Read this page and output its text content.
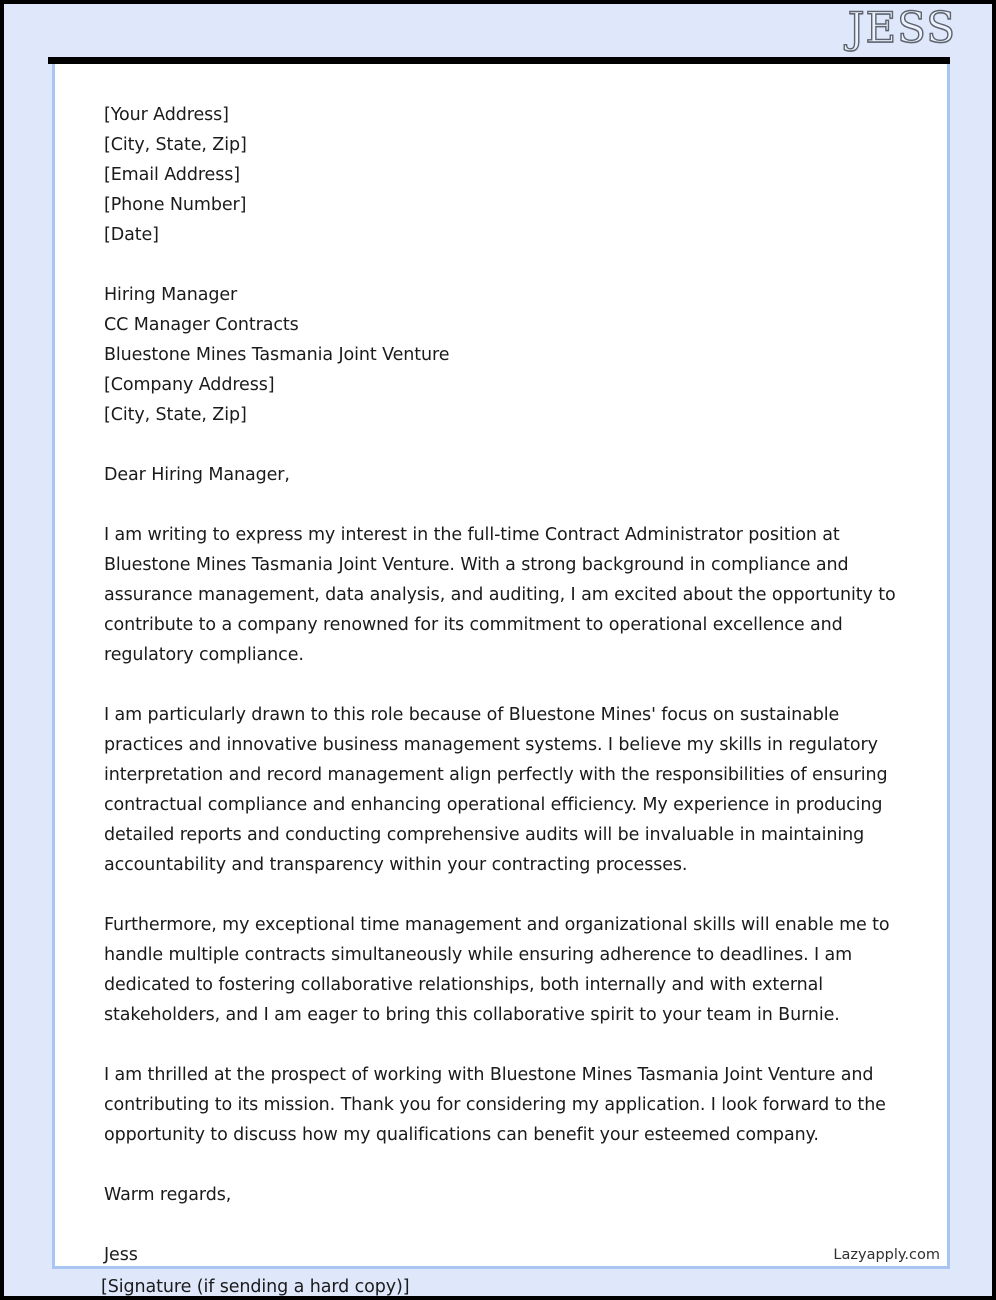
JESS
[Your Address]
[City, State, Zip]
[Email Address]
[Phone Number]
[Date]
Hiring Manager
CC Manager Contracts
Bluestone Mines Tasmania Joint Venture
[Company Address]
[City, State, Zip]
Dear Hiring Manager,

I am writing to express my interest in the full-time Contract Administrator position at Bluestone Mines Tasmania Joint Venture. With a strong background in compliance and assurance management, data analysis, and auditing, I am excited about the opportunity to contribute to a company renowned for its commitment to operational excellence and regulatory compliance.

I am particularly drawn to this role because of Bluestone Mines' focus on sustainable practices and innovative business management systems. I believe my skills in regulatory interpretation and record management align perfectly with the responsibilities of ensuring contractual compliance and enhancing operational efficiency. My experience in producing detailed reports and conducting comprehensive audits will be invaluable in maintaining accountability and transparency within your contracting processes.

Furthermore, my exceptional time management and organizational skills will enable me to handle multiple contracts simultaneously while ensuring adherence to deadlines. I am dedicated to fostering collaborative relationships, both internally and with external stakeholders, and I am eager to bring this collaborative spirit to your team in Burnie.

I am thrilled at the prospect of working with Bluestone Mines Tasmania Joint Venture and contributing to its mission. Thank you for considering my application. I look forward to the opportunity to discuss how my qualifications can benefit your esteemed company.

Warm regards,
Jess	Lazyapply.com
[Signature (if sending a hard copy)]
